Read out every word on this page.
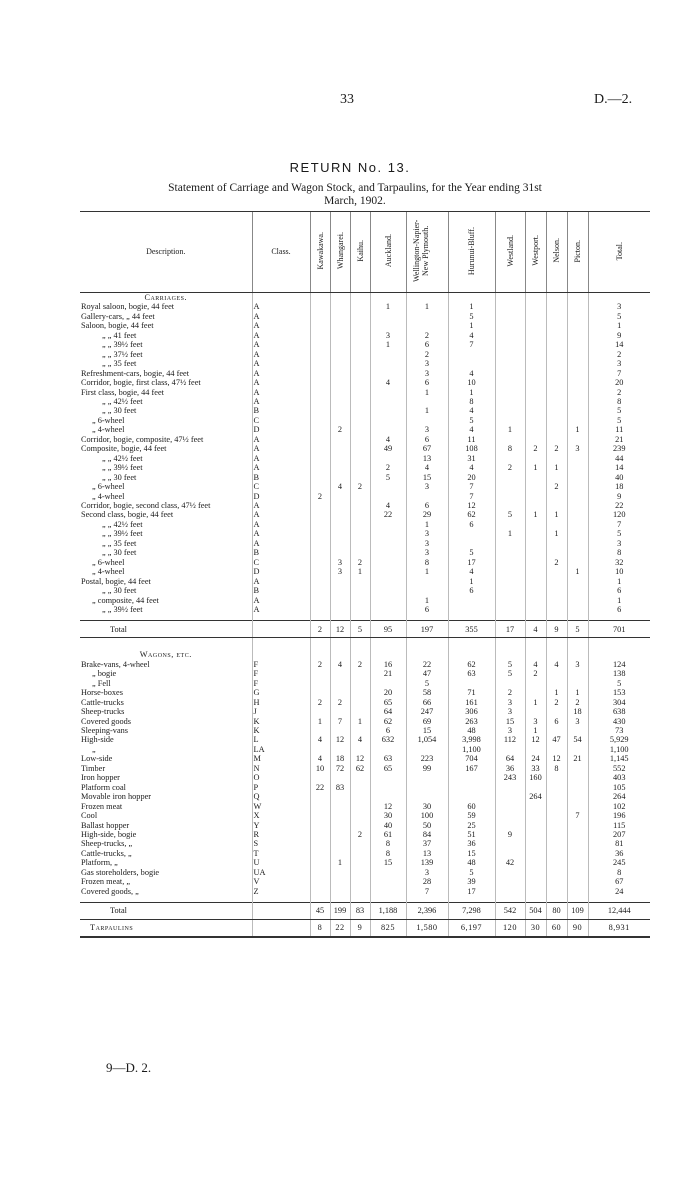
33	D.—2.
RETURN No. 13.
Statement of Carriage and Wagon Stock, and Tarpaulins, for the Year ending 31st
March, 1902.
Description.	Class.	Kawakawa.	Whangarei.	Kaihu.	Auckland.	Wellington-Napier-New Plymouth.	Hurunui-Bluff.	Westland.	Westport.	Nelson.	Picton.	Total.
Carriages.												
Royal saloon, bogie, 44 feet	A				1	1	1					3
Gallery-cars, „ 44 feet	A						5					5
Saloon, bogie, 44 feet	A						1					1
„ „ 41 feet	A				3	2	4					9
„ „ 39½ feet	A				1	6	7					14
„ „ 37½ feet	A					2						2
„ „ 35 feet	A					3						3
Refreshment-cars, bogie, 44 feet	A					3	4					7
Corridor, bogie, first class, 47½ feet	A				4	6	10					20
First class, bogie, 44 feet	A					1	1					2
„ „ 42½ feet	A						8					8
„ „ 30 feet	B					1	4					5
„ 6-wheel	C						5					5
„ 4-wheel	D		2			3	4	1			1	11
Corridor, bogie, composite, 47½ feet	A				4	6	11					21
Composite, bogie, 44 feet	A				49	67	108	8	2	2	3	239
„ „ 42½ feet	A					13	31					44
„ „ 39½ feet	A				2	4	4	2	1	1		14
„ „ 30 feet	B				5	15	20					40
„ 6-wheel	C		4	2		3	7			2		18
„ 4-wheel	D	2					7					9
Corridor, bogie, second class, 47½ feet	A				4	6	12					22
Second class, bogie, 44 feet	A				22	29	62	5	1	1		120
„ „ 42½ feet	A					1	6					7
„ „ 39½ feet	A					3		1		1		5
„ „ 35 feet	A					3						3
„ „ 30 feet	B					3	5					8
„ 6-wheel	C		3	2		8	17			2		32
„ 4-wheel	D		3	1		1	4				1	10
Postal, bogie, 44 feet	A						1					1
„ „ 30 feet	B						6					6
„ composite, 44 feet	A					1						1
„ „ 39½ feet	A					6						6

Total		2	12	5	95	197	355	17	4	9	5	701

Wagons, etc.												
Brake-vans, 4-wheel	F	2	4	2	16	22	62	5	4	4	3	124
„ bogie	F				21	47	63	5	2			138
„ Fell	F					5						5
Horse-boxes	G				20	58	71	2		1	1	153
Cattle-trucks	H	2	2		65	66	161	3	1	2	2	304
Sheep-trucks	J				64	247	306	3			18	638
Covered goods	K	1	7	1	62	69	263	15	3	6	3	430
Sleeping-vans	K				6	15	48	3	1			73
High-side	L	4	12	4	632	1,054	3,998	112	12	47	54	5,929
„	LA						1,100					1,100
Low-side	M	4	18	12	63	223	704	64	24	12	21	1,145
Timber	N	10	72	62	65	99	167	36	33	8		552
Iron hopper	O							243	160			403
Platform coal	P	22	83									105
Movable iron hopper	Q								264			264
Frozen meat	W				12	30	60					102
Cool	X				30	100	59				7	196
Ballast hopper	Y				40	50	25					115
High-side, bogie	R			2	61	84	51	9				207
Sheep-trucks, „	S				8	37	36					81
Cattle-trucks, „	T				8	13	15					36
Platform, „	U		1		15	139	48	42				245
Gas storeholders, bogie	UA					3	5					8
Frozen meat, „	V					28	39					67
Covered goods, „	Z					7	17					24

Total		45	199	83	1,188	2,396	7,298	542	504	80	109	12,444
Tarpaulins		8	22	9	825	1,580	6,197	120	30	60	90	8,931
9—D. 2.
